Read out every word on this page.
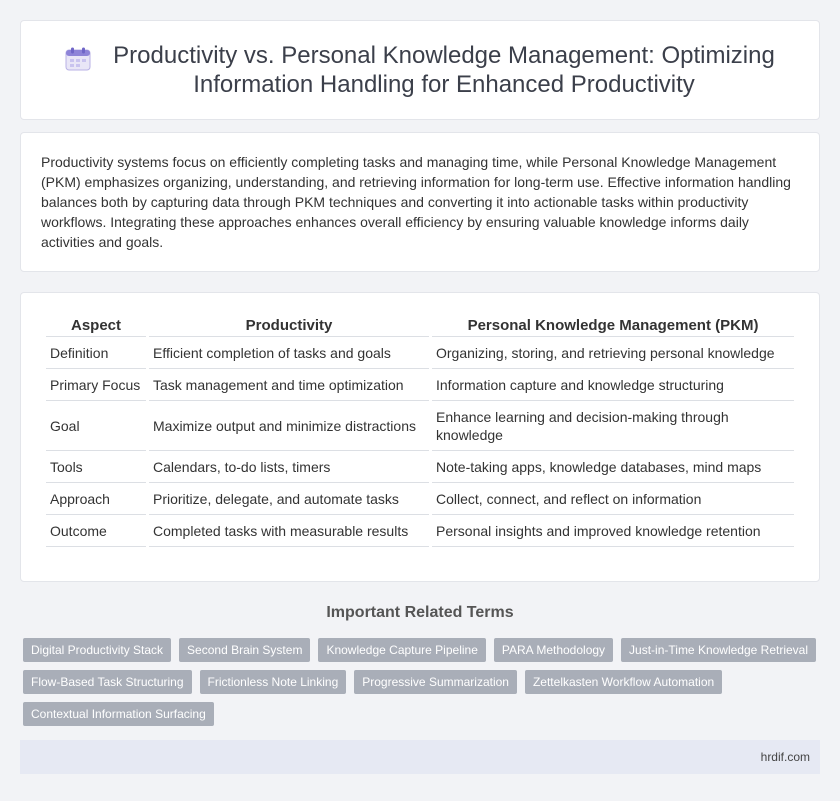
Productivity vs. Personal Knowledge Management: Optimizing
Information Handling for Enhanced Productivity

Productivity systems focus on efficiently completing tasks and managing time, while Personal Knowledge Management (PKM) emphasizes organizing, understanding, and retrieving information for long-term use. Effective information handling balances both by capturing data through PKM techniques and converting it into actionable tasks within productivity workflows. Integrating these approaches enhances overall efficiency by ensuring valuable knowledge informs daily activities and goals.

Aspect	Productivity	Personal Knowledge Management (PKM)
Definition	Efficient completion of tasks and goals	Organizing, storing, and retrieving personal knowledge
Primary Focus	Task management and time optimization	Information capture and knowledge structuring
Goal	Maximize output and minimize distractions	Enhance learning and decision-making through knowledge
Tools	Calendars, to-do lists, timers	Note-taking apps, knowledge databases, mind maps
Approach	Prioritize, delegate, and automate tasks	Collect, connect, and reflect on information
Outcome	Completed tasks with measurable results	Personal insights and improved knowledge retention
Important Related Terms
Digital Productivity Stack	Second Brain System	Knowledge Capture Pipeline	PARA Methodology	Just-in-Time Knowledge Retrieval
Flow-Based Task Structuring	Frictionless Note Linking	Progressive Summarization	Zettelkasten Workflow Automation
Contextual Information Surfacing
hrdif.com
